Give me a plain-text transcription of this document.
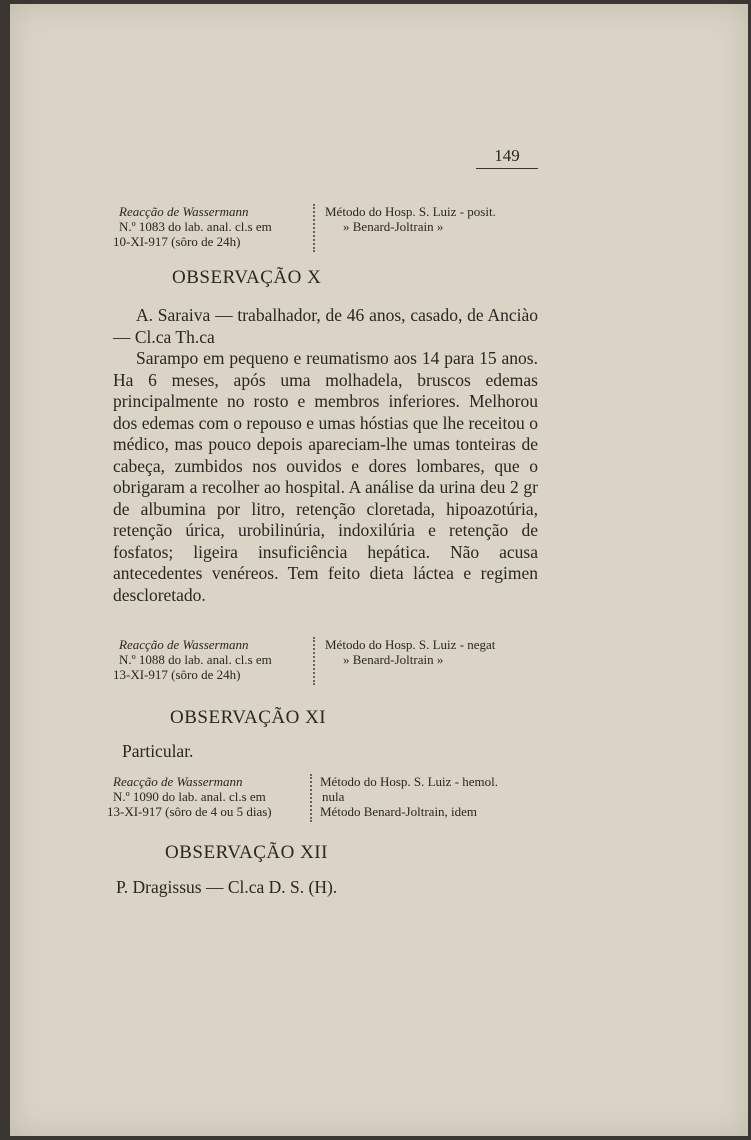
149
Reacção de Wassermann
N.º 1083 do lab. anal. cl.s em
10-XI-917 (sôro de 24h)
Método do Hosp. S. Luiz - posit.
» Benard-Joltrain »
OBSERVAÇÃO X

A. Saraiva — trabalhador, de 46 anos, casado, de Anciào — Cl.ca Th.ca

Sarampo em pequeno e reumatismo aos 14 para 15 anos. Ha 6 meses, após uma molhadela, bruscos edemas principalmente no rosto e membros inferiores. Melhorou dos edemas com o repouso e umas hóstias que lhe receitou o médico, mas pouco depois apareciam-lhe umas tonteiras de cabeça, zumbidos nos ouvidos e dores lombares, que o obrigaram a recolher ao hospital. A análise da urina deu 2 gr de albumina por litro, retenção cloretada, hipoazotúria, retenção úrica, urobilinúria, indoxilúria e retenção de fosfatos; ligeira insuficiência hepática. Não acusa antecedentes venéreos. Tem feito dieta láctea e regimen descloretado.

Reacção de Wassermann
N.º 1088 do lab. anal. cl.s em
13-XI-917 (sôro de 24h)
Método do Hosp. S. Luiz - negat
» Benard-Joltrain »
OBSERVAÇÃO XI
Particular.
Reacção de Wassermann
N.º 1090 do lab. anal. cl.s em
13-XI-917 (sôro de 4 ou 5 dias)
Método do Hosp. S. Luiz - hemol.
nula
Método Benard-Joltrain, idem
OBSERVAÇÃO XII
P. Dragissus — Cl.ca D. S. (H).
